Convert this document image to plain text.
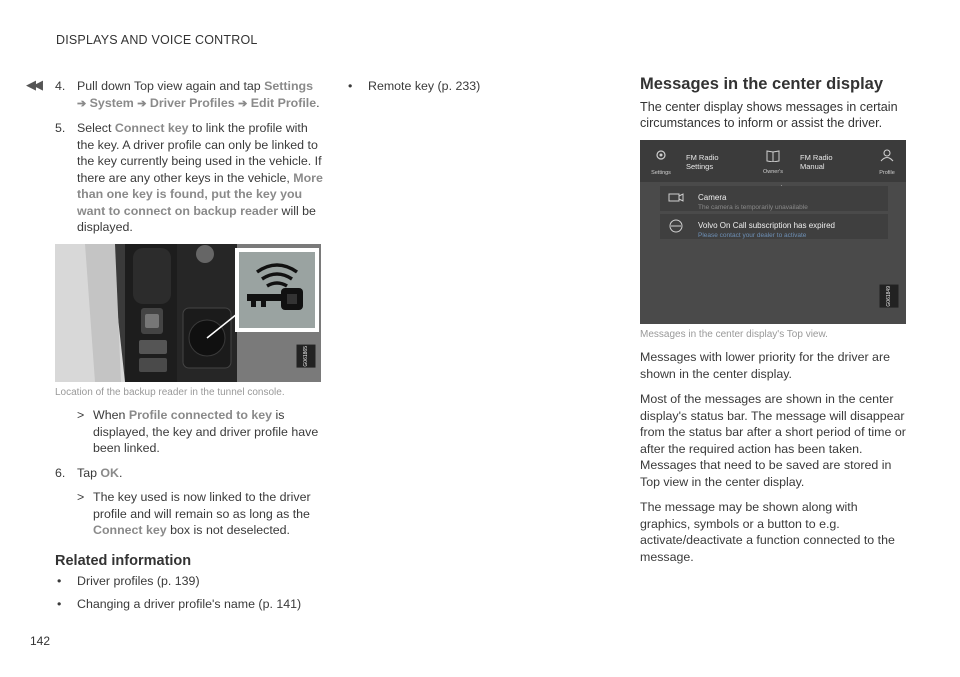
DISPLAYS AND VOICE CONTROL
◀◀ 4. Pull down Top view again and tap Settings
➔ System ➔ Driver Profiles ➔ Edit Profile.
5. Select Connect key to link the profile with the key. A driver profile can only be linked to the key currently being used in the vehicle. If there are any other keys in the vehicle, More than one key is found, put the key you want to connect on backup reader will be displayed.
G061865
Location of the backup reader in the tunnel console.
> When Profile connected to key is displayed, the key and driver profile have been linked.
6. Tap OK.
> The key used is now linked to the driver profile and will remain so as long as the Connect key box is not deselected.
Related information
• Driver profiles (p. 139)
• Changing a driver profile's name (p. 141)
• Remote key (p. 233)	Messages in the center display
The center display shows messages in certain circumstances to inform or assist the driver.
Settings
FM Radio
Settings
Owner's

FM Radio
Manual
Profile
Camera
The camera is temporarily unavailable
Volvo On Call subscription has expired
Please contact your dealer to activate
G061849
Messages in the center display's Top view.
Messages with lower priority for the driver are shown in the center display.
Most of the messages are shown in the center display's status bar. The message will disappear from the status bar after a short period of time or after the required action has been taken. Messages that need to be saved are stored in Top view in the center display.
The message may be shown along with graphics, symbols or a button to e.g. activate/deactivate a function connected to the message.
142
